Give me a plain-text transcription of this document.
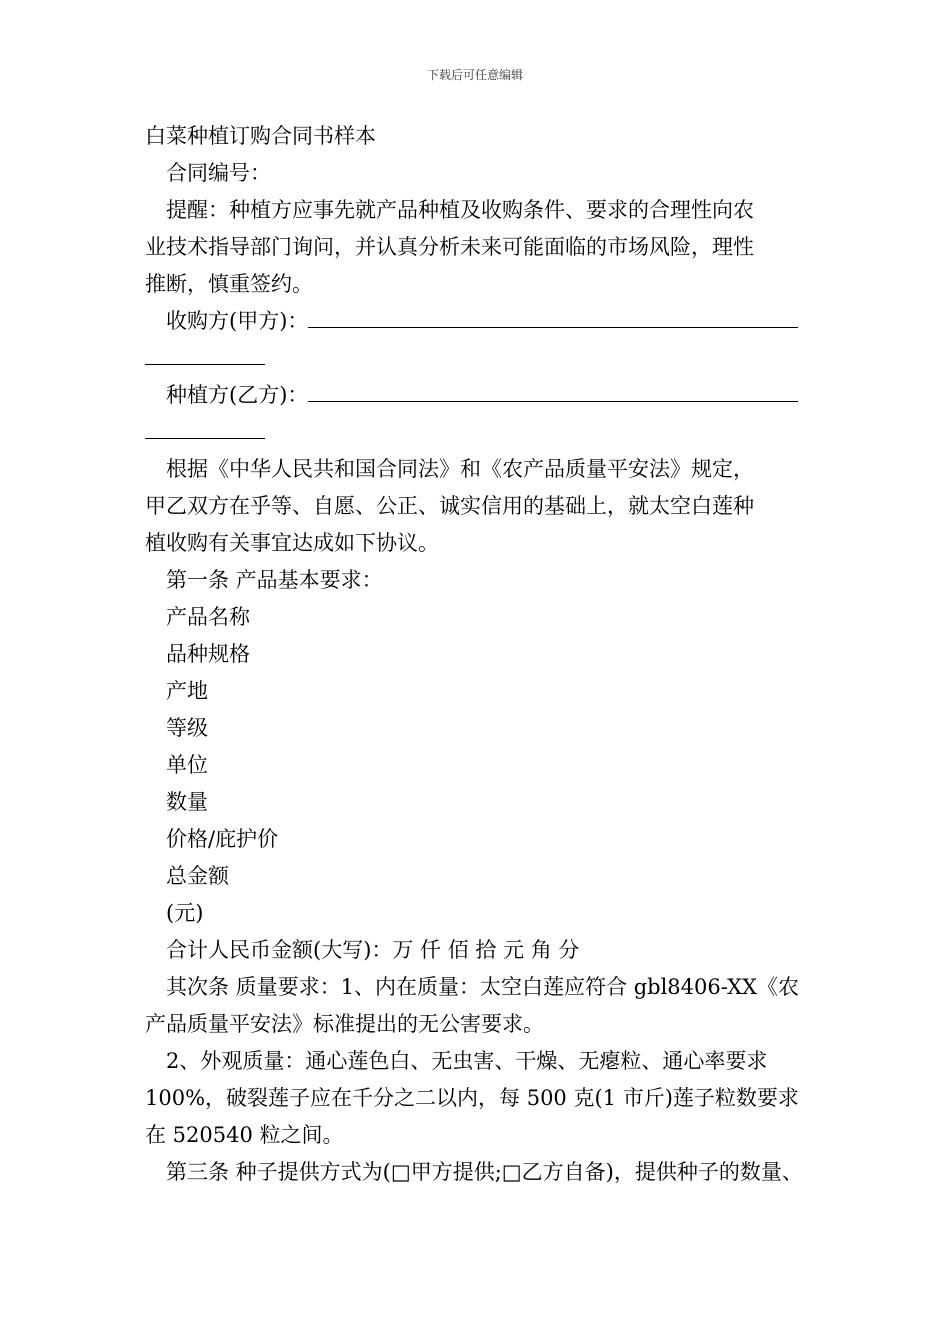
下载后可任意编辑
白菜种植订购合同书样本
合同编号：
提醒：种植方应事先就产品种植及收购条件、要求的合理性向农
业技术指导部门询问，并认真分析未来可能面临的市场风险，理性
推断，慎重签约。
收购方(甲方)：
种植方(乙方)：
根据《中华人民共和国合同法》和《农产品质量平安法》规定，
甲乙双方在乎等、自愿、公正、诚实信用的基础上，就太空白莲种
植收购有关事宜达成如下协议。
第一条 产品基本要求：
产品名称
品种规格
产地
等级
单位
数量
价格/庇护价
总金额
(元)
合计人民币金额(大写)：万 仟 佰 拾 元 角 分
其次条 质量要求：1、内在质量：太空白莲应符合 gbl8406-XX《农
产品质量平安法》标准提出的无公害要求。
2、外观质量：通心莲色白、无虫害、干燥、无瘪粒、通心率要求
100%，破裂莲子应在千分之二以内，每 500 克(1 市斤)莲子粒数要求
在 520540 粒之间。
第三条 种子提供方式为(□甲方提供;□乙方自备)，提供种子的数量、
